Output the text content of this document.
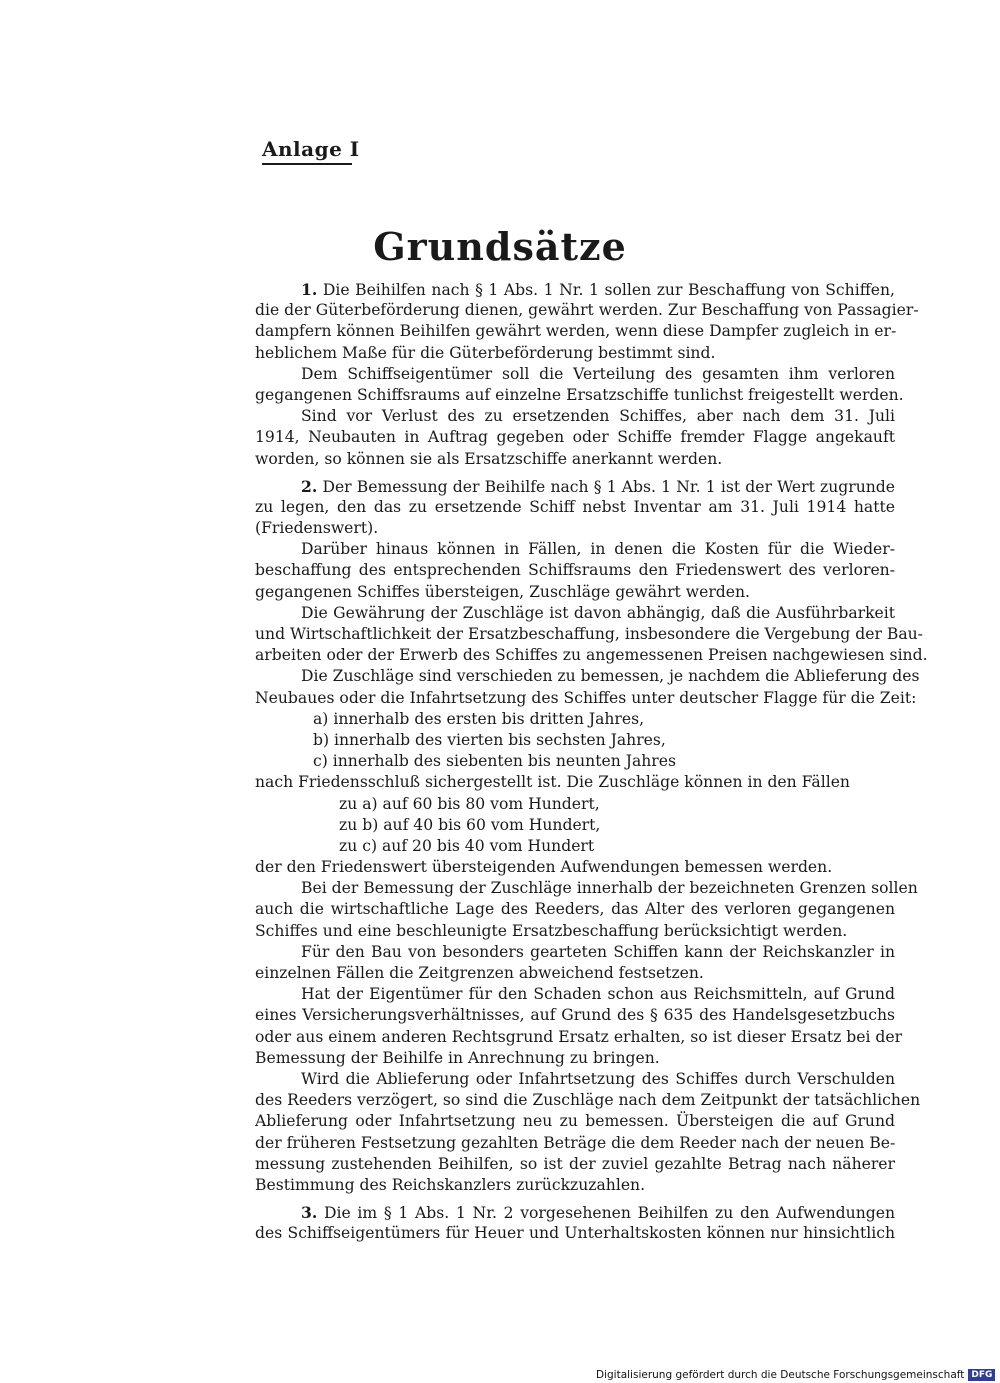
Anlage I
Grundsätze
1. Die Beihilfen nach § 1 Abs. 1 Nr. 1 sollen zur Beschaffung von Schiffen,
die der Güterbeförderung dienen, gewährt werden. Zur Beschaffung von Passagier-
dampfern können Beihilfen gewährt werden, wenn diese Dampfer zugleich in er-
heblichem Maße für die Güterbeförderung bestimmt sind.
Dem Schiffseigentümer soll die Verteilung des gesamten ihm verloren
gegangenen Schiffsraums auf einzelne Ersatzschiffe tunlichst freigestellt werden.
Sind vor Verlust des zu ersetzenden Schiffes, aber nach dem 31. Juli
1914, Neubauten in Auftrag gegeben oder Schiffe fremder Flagge angekauft
worden, so können sie als Ersatzschiffe anerkannt werden.
2. Der Bemessung der Beihilfe nach § 1 Abs. 1 Nr. 1 ist der Wert zugrunde
zu legen, den das zu ersetzende Schiff nebst Inventar am 31. Juli 1914 hatte
(Friedenswert).
Darüber hinaus können in Fällen, in denen die Kosten für die Wieder-
beschaffung des entsprechenden Schiffsraums den Friedenswert des verloren-
gegangenen Schiffes übersteigen, Zuschläge gewährt werden.
Die Gewährung der Zuschläge ist davon abhängig, daß die Ausführbarkeit
und Wirtschaftlichkeit der Ersatzbeschaffung, insbesondere die Vergebung der Bau-
arbeiten oder der Erwerb des Schiffes zu angemessenen Preisen nachgewiesen sind.
Die Zuschläge sind verschieden zu bemessen, je nachdem die Ablieferung des
Neubaues oder die Infahrtsetzung des Schiffes unter deutscher Flagge für die Zeit:
a) innerhalb des ersten bis dritten Jahres,
b) innerhalb des vierten bis sechsten Jahres,
c) innerhalb des siebenten bis neunten Jahres
nach Friedensschluß sichergestellt ist. Die Zuschläge können in den Fällen
zu a) auf 60 bis 80 vom Hundert,
zu b) auf 40 bis 60 vom Hundert,
zu c) auf 20 bis 40 vom Hundert
der den Friedenswert übersteigenden Aufwendungen bemessen werden.
Bei der Bemessung der Zuschläge innerhalb der bezeichneten Grenzen sollen
auch die wirtschaftliche Lage des Reeders, das Alter des verloren gegangenen
Schiffes und eine beschleunigte Ersatzbeschaffung berücksichtigt werden.
Für den Bau von besonders gearteten Schiffen kann der Reichskanzler in
einzelnen Fällen die Zeitgrenzen abweichend festsetzen.
Hat der Eigentümer für den Schaden schon aus Reichsmitteln, auf Grund
eines Versicherungsverhältnisses, auf Grund des § 635 des Handelsgesetzbuchs
oder aus einem anderen Rechtsgrund Ersatz erhalten, so ist dieser Ersatz bei der
Bemessung der Beihilfe in Anrechnung zu bringen.
Wird die Ablieferung oder Infahrtsetzung des Schiffes durch Verschulden
des Reeders verzögert, so sind die Zuschläge nach dem Zeitpunkt der tatsächlichen
Ablieferung oder Infahrtsetzung neu zu bemessen. Übersteigen die auf Grund
der früheren Festsetzung gezahlten Beträge die dem Reeder nach der neuen Be-
messung zustehenden Beihilfen, so ist der zuviel gezahlte Betrag nach näherer
Bestimmung des Reichskanzlers zurückzuzahlen.
3. Die im § 1 Abs. 1 Nr. 2 vorgesehenen Beihilfen zu den Aufwendungen
des Schiffseigentümers für Heuer und Unterhaltskosten können nur hinsichtlich
Digitalisierung gefördert durch die Deutsche Forschungsgemeinschaft DFG
